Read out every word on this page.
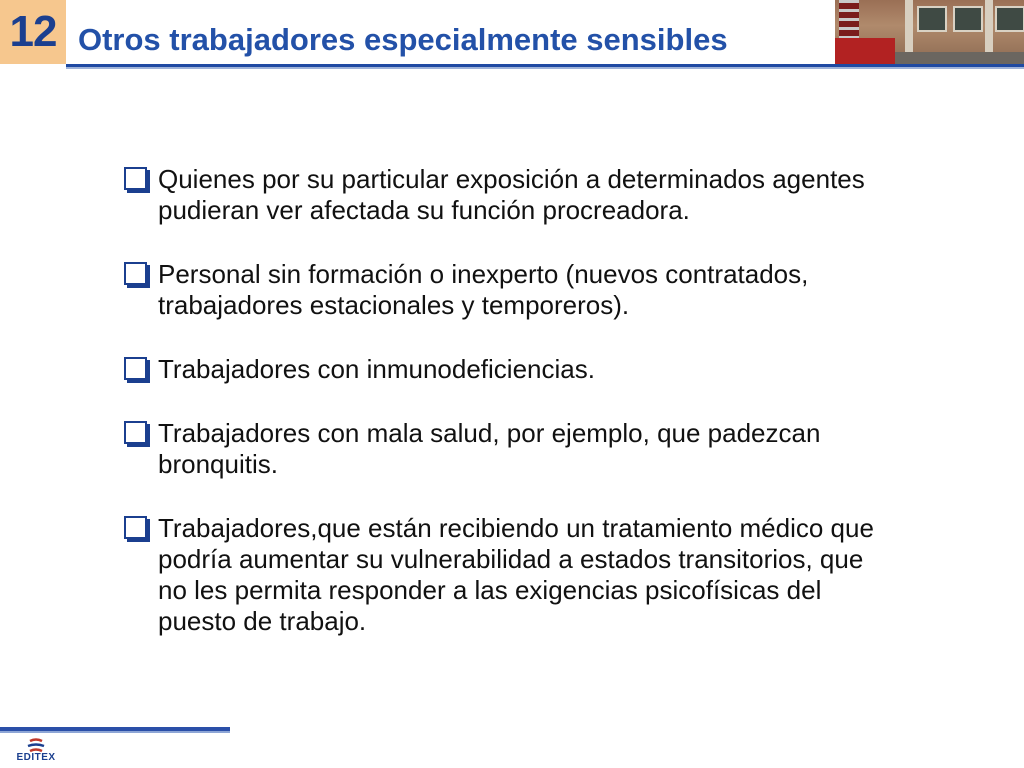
12 Otros trabajadores especialmente sensibles
Quienes por su particular exposición a determinados agentes pudieran ver afectada su función procreadora.
Personal sin formación o inexperto (nuevos contratados, trabajadores estacionales y temporeros).
Trabajadores con inmunodeficiencias.
Trabajadores con mala salud, por ejemplo, que padezcan bronquitis.
Trabajadores,que están recibiendo un tratamiento médico que podría aumentar su vulnerabilidad a estados transitorios, que no les permita responder a las exigencias psicofísicas del puesto de trabajo.
EDITEX
